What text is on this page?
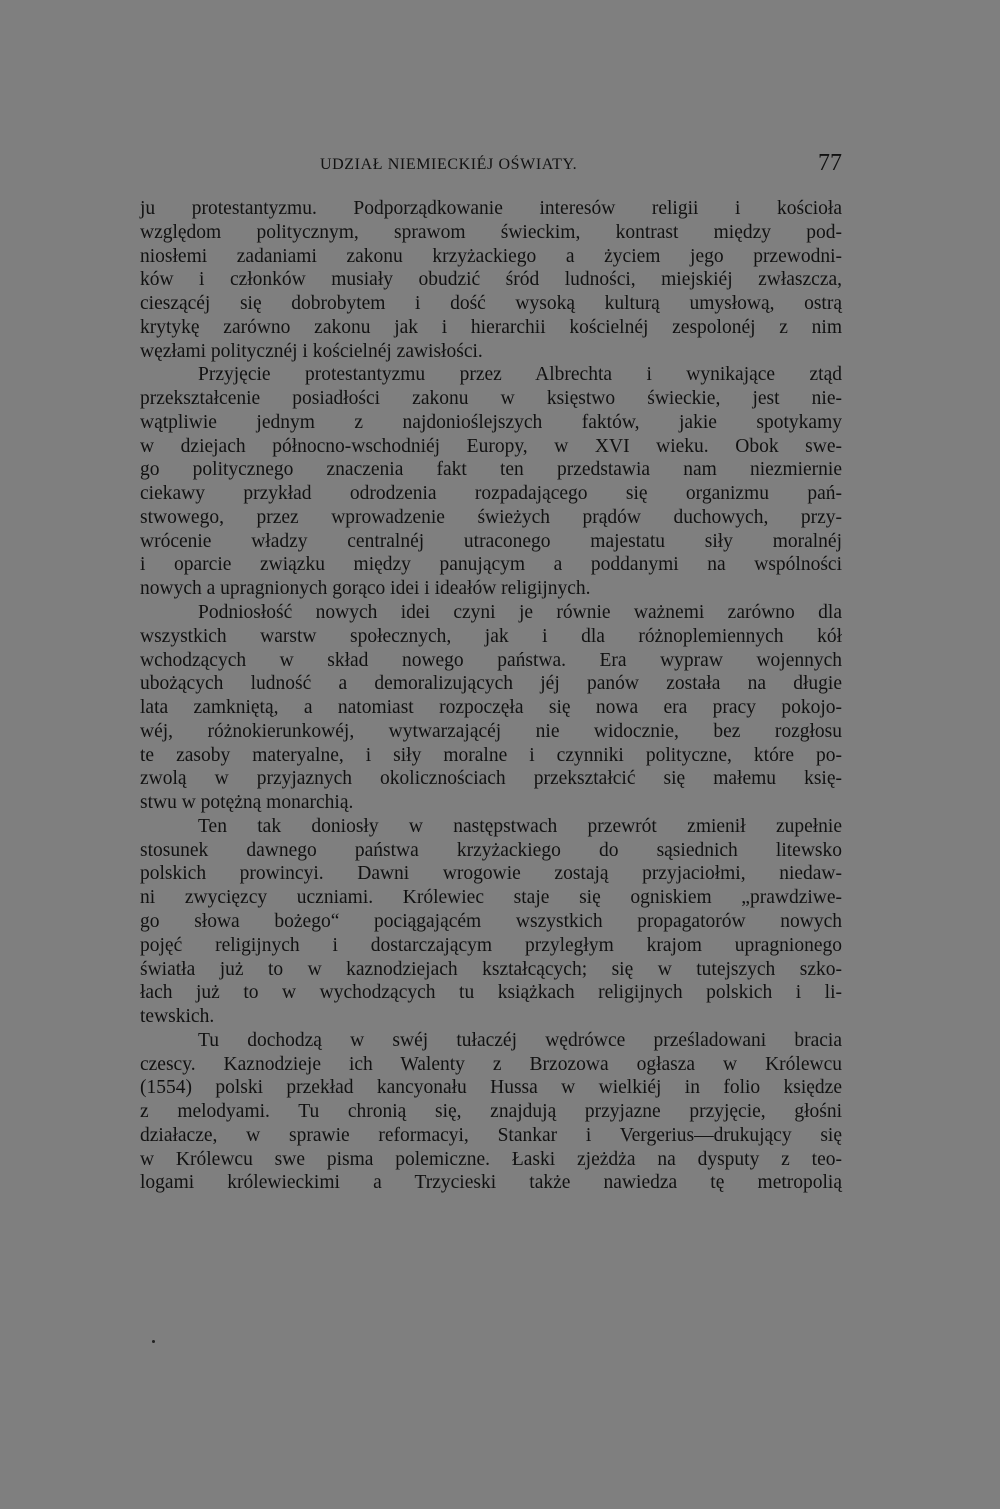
UDZIAŁ NIEMIECKIÉJ OŚWIATY.	77
ju protestantyzmu. Podporządkowanie interesów religii i kościoła
względom politycznym, sprawom świeckim, kontrast między pod-
niosłemi zadaniami zakonu krzyżackiego a życiem jego przewodni-
ków i członków musiały obudzić śród ludności, miejskiéj zwłaszcza,
cieszącéj się dobrobytem i dość wysoką kulturą umysłową, ostrą
krytykę zarówno zakonu jak i hierarchii kościelnéj zespolonéj z nim
węzłami politycznéj i kościelnéj zawisłości.
Przyjęcie protestantyzmu przez Albrechta i wynikające ztąd
przekształcenie posiadłości zakonu w księstwo świeckie, jest nie-
wątpliwie jednym z najdonioślejszych faktów, jakie spotykamy
w dziejach północno-wschodniéj Europy, w XVI wieku. Obok swe-
go politycznego znaczenia fakt ten przedstawia nam niezmiernie
ciekawy przykład odrodzenia rozpadającego się organizmu pań-
stwowego, przez wprowadzenie świeżych prądów duchowych, przy-
wrócenie władzy centralnéj utraconego majestatu siły moralnéj
i oparcie związku między panującym a poddanymi na wspólności
nowych a upragnionych gorąco idei i ideałów religijnych.
Podniosłość nowych idei czyni je równie ważnemi zarówno dla
wszystkich warstw społecznych, jak i dla różnoplemiennych kół
wchodzących w skład nowego państwa. Era wypraw wojennych
ubożących ludność a demoralizujących jéj panów została na długie
lata zamkniętą, a natomiast rozpoczęła się nowa era pracy pokojo-
wéj, różnokierunkowéj, wytwarzającéj nie widocznie, bez rozgłosu
te zasoby materyalne, i siły moralne i czynniki polityczne, które po-
zwolą w przyjaznych okolicznościach przekształcić się małemu księ-
stwu w potężną monarchią.
Ten tak doniosły w następstwach przewrót zmienił zupełnie
stosunek dawnego państwa krzyżackiego do sąsiednich litewsko
polskich prowincyi. Dawni wrogowie zostają przyjaciołmi, niedaw-
ni zwycięzcy uczniami. Królewiec staje się ogniskiem „prawdziwe-
go słowa bożego“ pociągającém wszystkich propagatorów nowych
pojęć religijnych i dostarczającym przyległym krajom upragnionego
światła już to w kaznodziejach kształcących; się w tutejszych szko-
łach już to w wychodzących tu książkach religijnych polskich i li-
tewskich.
Tu dochodzą w swéj tułaczéj wędrówce prześladowani bracia
czescy. Kaznodzieje ich Walenty z Brzozowa ogłasza w Królewcu
(1554) polski przekład kancyonału Hussa w wielkiéj in folio księdze
z melodyami. Tu chronią się, znajdują przyjazne przyjęcie, głośni
działacze, w sprawie reformacyi, Stankar i Vergerius—drukujący się
w Królewcu swe pisma polemiczne. Łaski zjeżdża na dysputy z teo-
logami królewieckimi a Trzycieski także nawiedza tę metropolią
